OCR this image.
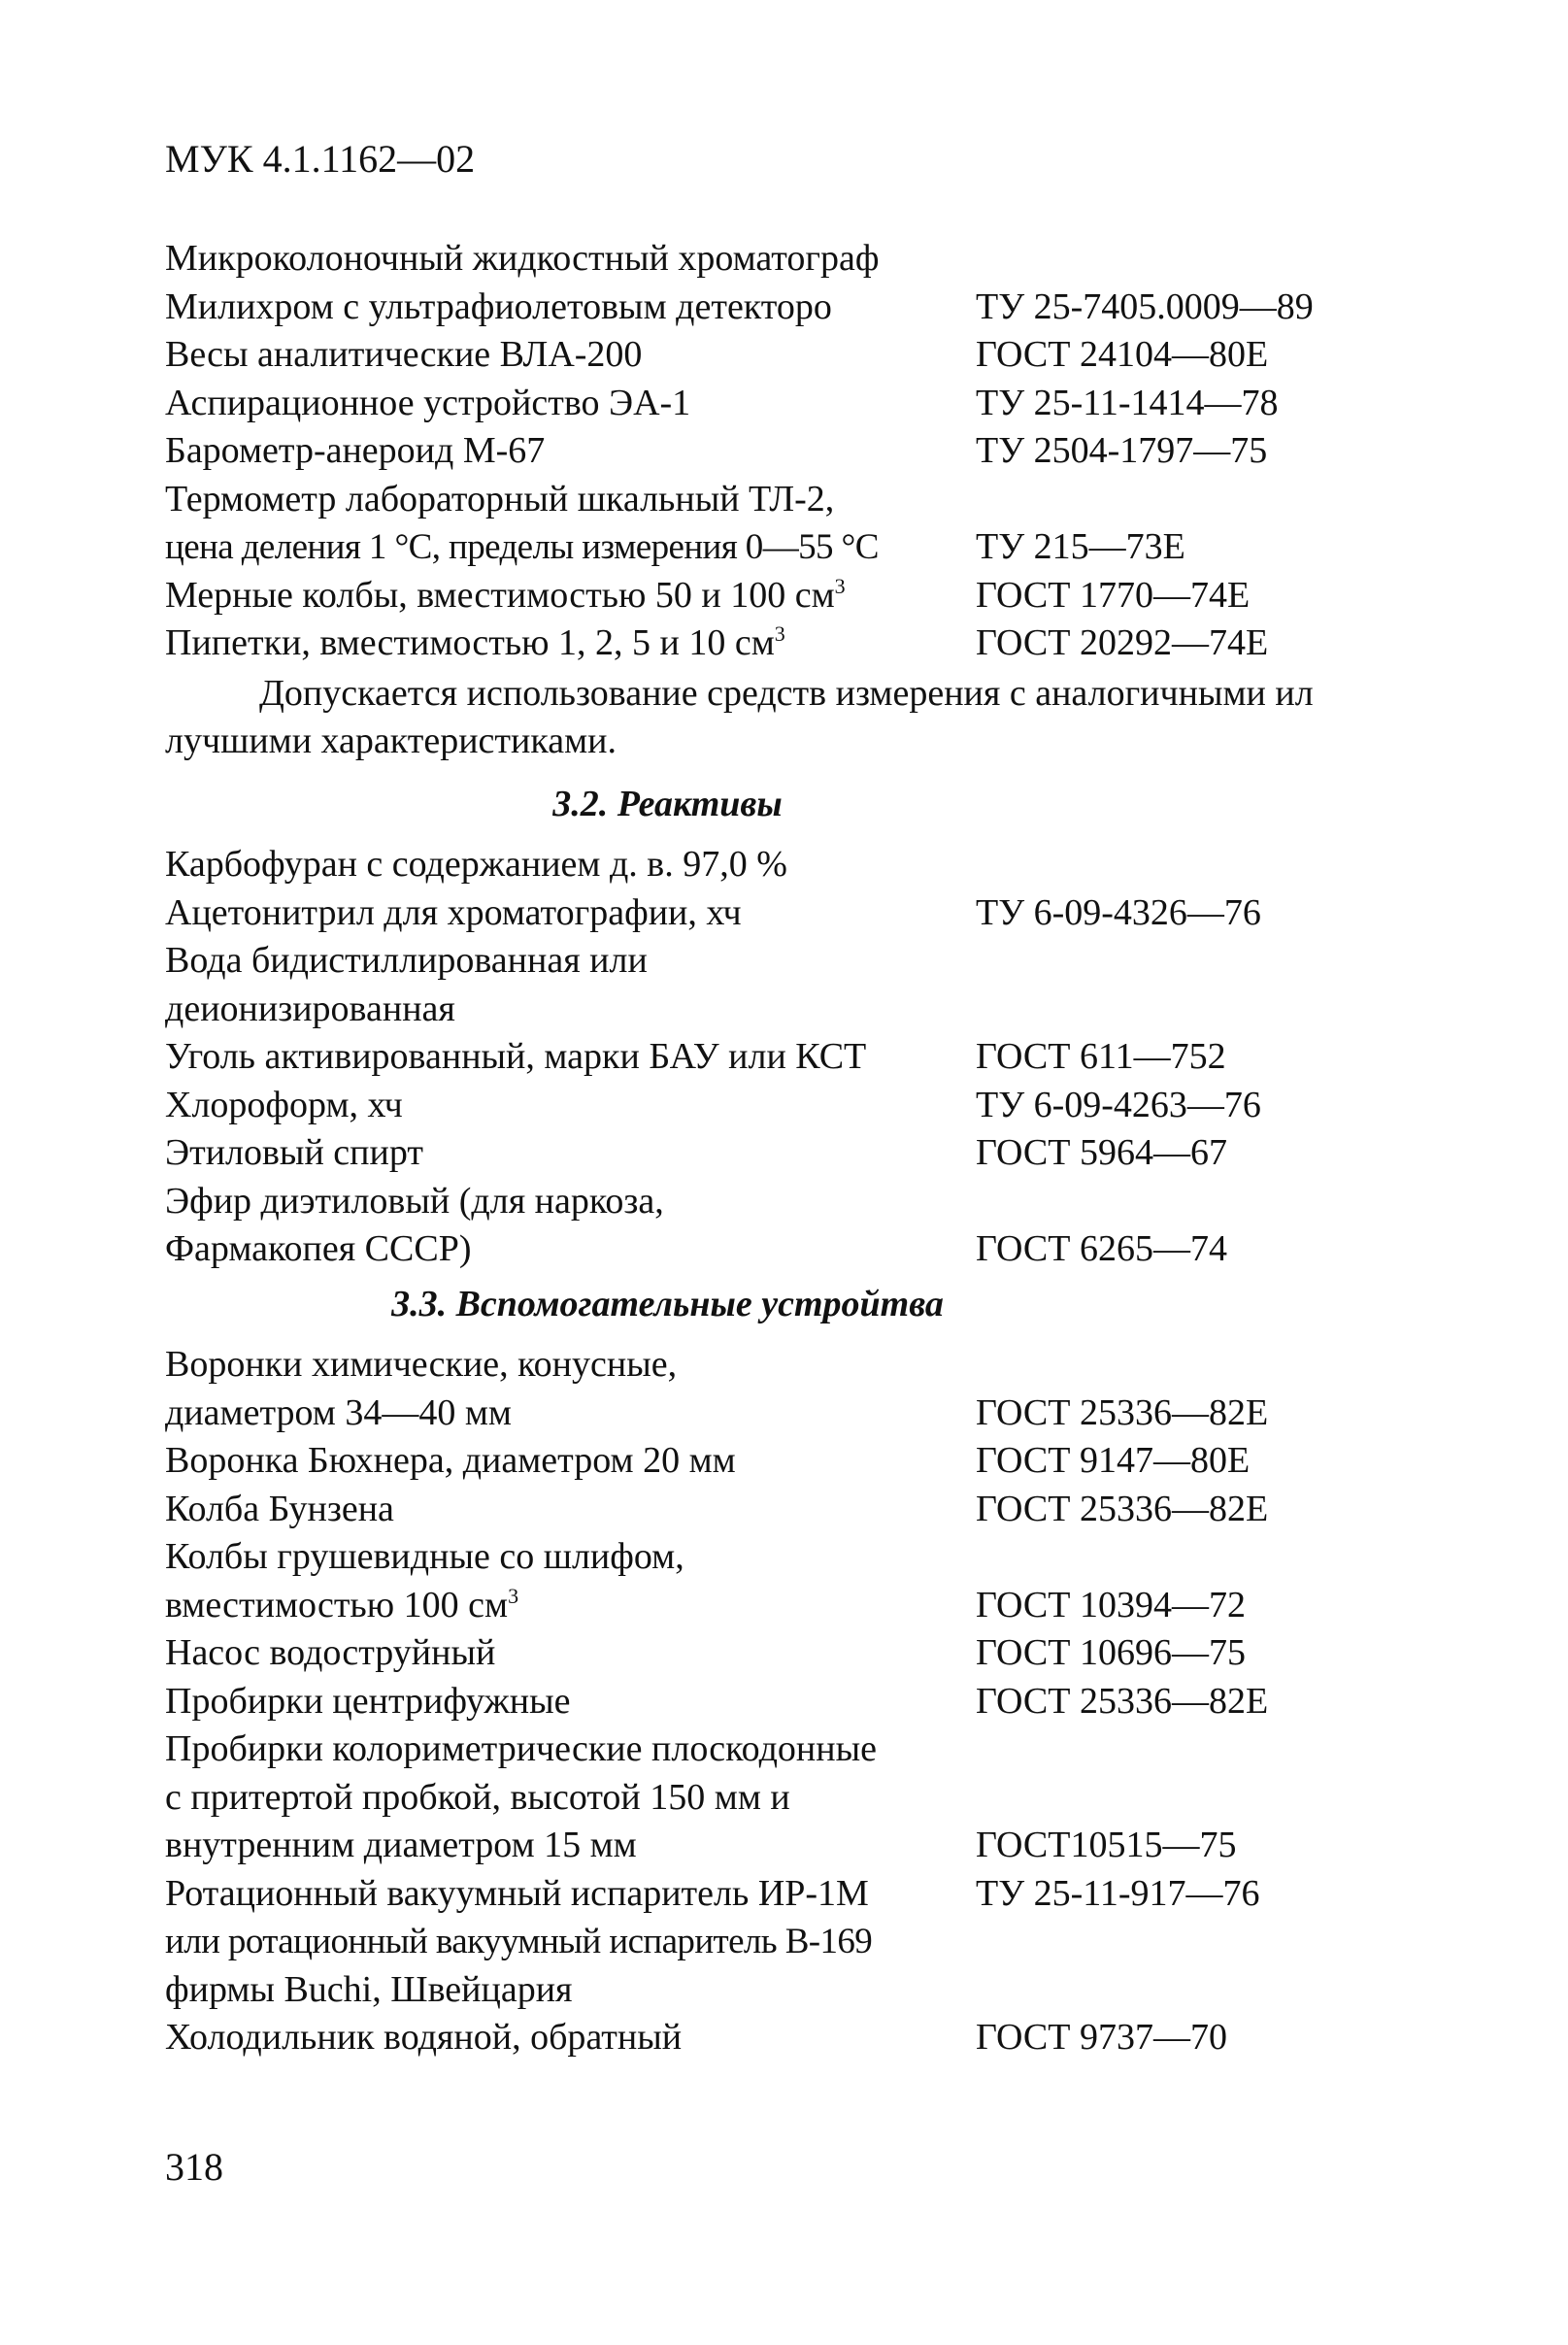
МУК 4.1.1162—02
Микроколоночный жидкостный хроматограф
Милихром с ультрафиолетовым детекторо	ТУ 25-7405.0009—89
Весы аналитические ВЛА-200	ГОСТ 24104—80Е
Аспирационное устройство ЭА-1	ТУ 25-11-1414—78
Барометр-анероид М-67	ТУ 2504-1797—75
Термометр лабораторный шкальный ТЛ-2,
цена деления 1 °С, пределы измерения 0—55 °С	ТУ 215—73Е
Мерные колбы, вместимостью 50 и 100 $см^3$	ГОСТ 1770—74Е
Пипетки, вместимостью 1, 2, 5 и 10 $см^3$	ГОСТ 20292—74Е
Допускается использование средств измерения с аналогичными ил
лучшими характеристиками.
3.2. Реактивы
Карбофуран с содержанием д. в. 97,0 %
Ацетонитрил для хроматографии, хч	ТУ 6-09-4326—76
Вода бидистиллированная или
деионизированная
Уголь активированный, марки БАУ или КСТ	ГОСТ 611—752
Хлороформ, хч	ТУ 6-09-4263—76
Этиловый спирт	ГОСТ 5964—67
Эфир диэтиловый (для наркоза,
Фармакопея СССР)	ГОСТ 6265—74
3.3. Вспомогательные устройтва
Воронки химические, конусные,
диаметром 34—40 мм	ГОСТ 25336—82Е
Воронка Бюхнера, диаметром 20 мм	ГОСТ 9147—80Е
Колба Бунзена	ГОСТ 25336—82Е
Колбы грушевидные со шлифом,
вместимостью 100 $см^3$	ГОСТ 10394—72
Насос водоструйный	ГОСТ 10696—75
Пробирки центрифужные	ГОСТ 25336—82Е
Пробирки колориметрические плоскодонные
с притертой пробкой, высотой 150 мм и
внутренним диаметром 15 мм	ГОСТ10515—75
Ротационный вакуумный испаритель ИР-1М	ТУ 25-11-917—76
или ротационный вакуумный испаритель В-169
фирмы Buchi, Швейцария
Холодильник водяной, обратный	ГОСТ 9737—70
318
